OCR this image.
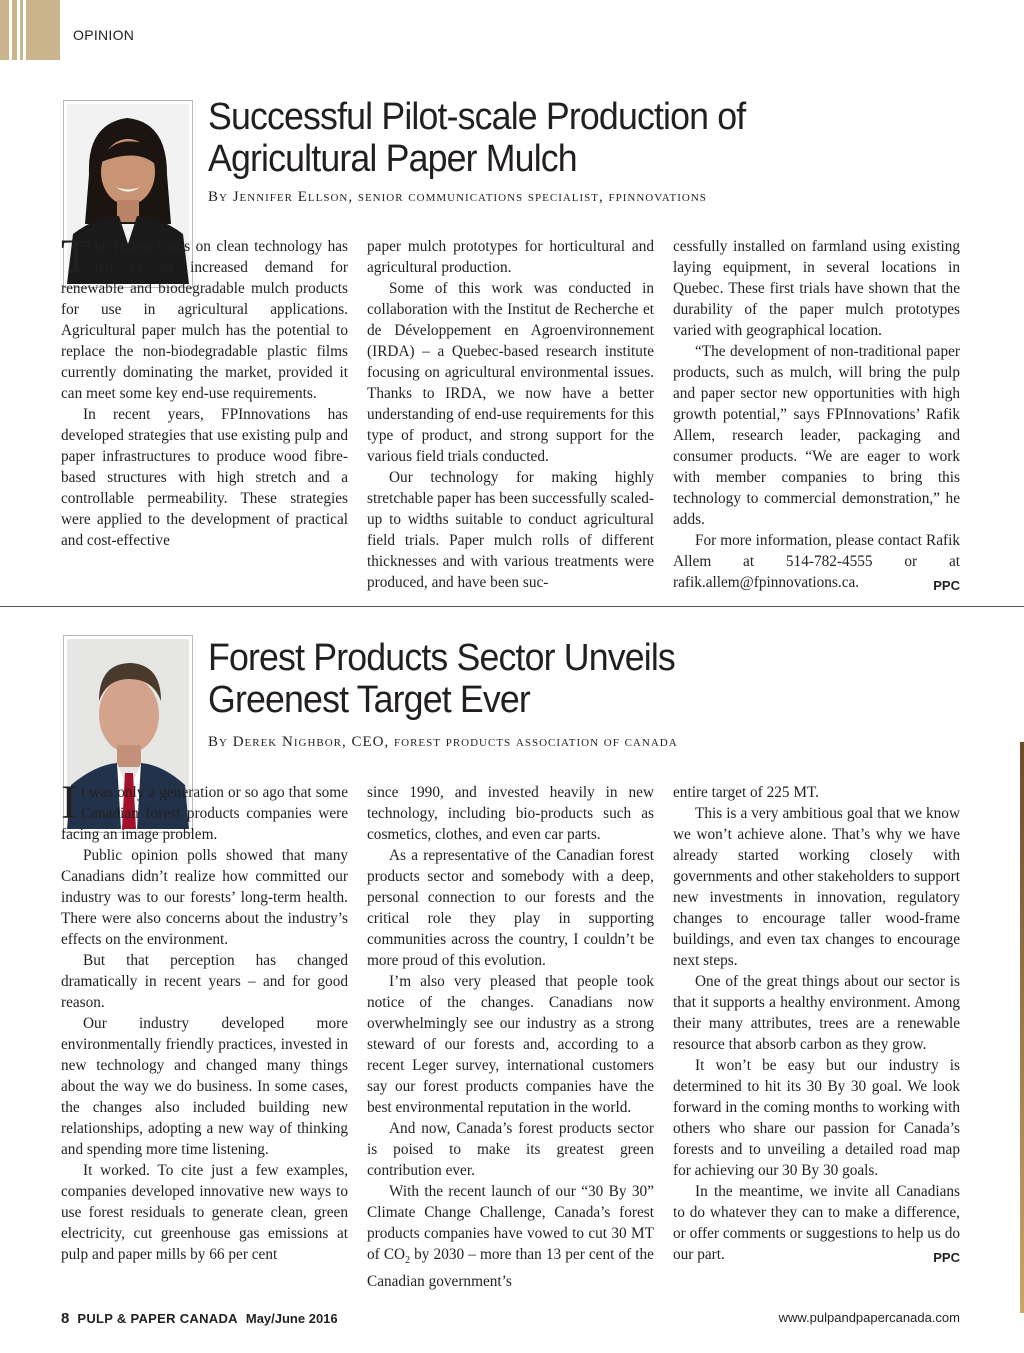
OPINION
Successful Pilot-scale Production of
Agricultural Paper Mulch
By Jennifer Ellson, senior communications specialist, fpinnovations

The recent focus on clean technology has led to an increased demand for renewable and biodegradable mulch products for use in agricultural applications. Agricultural paper mulch has the potential to replace the non-biodegradable plastic films currently dominating the market, provided it can meet some key end-use requirements.

In recent years, FPInnovations has developed strategies that use existing pulp and paper infrastructures to produce wood fibre-based structures with high stretch and a controllable permeability. These strategies were applied to the development of practical and cost-effective

paper mulch prototypes for horticultural and agricultural production.

Some of this work was conducted in collaboration with the Institut de Recherche et de Développement en Agroenvironnement (IRDA) – a Quebec-based research institute focusing on agricultural environmental issues. Thanks to IRDA, we now have a better understanding of end-use requirements for this type of product, and strong support for the various field trials conducted.

Our technology for making highly stretchable paper has been successfully scaled-up to widths suitable to conduct agricultural field trials. Paper mulch rolls of different thicknesses and with various treatments were produced, and have been suc-

cessfully installed on farmland using existing laying equipment, in several locations in Quebec. These first trials have shown that the durability of the paper mulch prototypes varied with geographical location.

“The development of non-traditional paper products, such as mulch, will bring the pulp and paper sector new opportunities with high growth potential,” says FPInnovations’ Rafik Allem, research leader, packaging and consumer products. “We are eager to work with member companies to bring this technology to commercial demonstration,” he adds.

For more information, please contact Rafik Allem at 514-782-4555 or at rafik.allem@fpinnovations.ca.	PPC

Forest Products Sector Unveils
Greenest Target Ever
By Derek Nighbor, CEO, forest products association of canada

It was only a generation or so ago that some Canadian forest products companies were facing an image problem.

Public opinion polls showed that many Canadians didn’t realize how committed our industry was to our forests’ long-term health. There were also concerns about the industry’s effects on the environment.

But that perception has changed dramatically in recent years – and for good reason.

Our industry developed more environmentally friendly practices, invested in new technology and changed many things about the way we do business. In some cases, the changes also included building new relationships, adopting a new way of thinking and spending more time listening.

It worked. To cite just a few examples, companies developed innovative new ways to use forest residuals to generate clean, green electricity, cut greenhouse gas emissions at pulp and paper mills by 66 per cent

since 1990, and invested heavily in new technology, including bio-products such as cosmetics, clothes, and even car parts.

As a representative of the Canadian forest products sector and somebody with a deep, personal connection to our forests and the critical role they play in supporting communities across the country, I couldn’t be more proud of this evolution.

I’m also very pleased that people took notice of the changes. Canadians now overwhelmingly see our industry as a strong steward of our forests and, according to a recent Leger survey, international customers say our forest products companies have the best environmental reputation in the world.

And now, Canada’s forest products sector is poised to make its greatest green contribution ever.

With the recent launch of our “30 By 30” Climate Change Challenge, Canada’s forest products companies have vowed to cut 30 MT of $CO_2$ by 2030 – more than 13 per cent of the Canadian government’s

entire target of 225 MT.

This is a very ambitious goal that we know we won’t achieve alone. That’s why we have already started working closely with governments and other stakeholders to support new investments in innovation, regulatory changes to encourage taller wood-frame buildings, and even tax changes to encourage next steps.

One of the great things about our sector is that it supports a healthy environment. Among their many attributes, trees are a renewable resource that absorb carbon as they grow.

It won’t be easy but our industry is determined to hit its 30 By 30 goal. We look forward in the coming months to working with others who share our passion for Canada’s forests and to unveiling a detailed road map for achieving our 30 By 30 goals.

In the meantime, we invite all Canadians to do whatever they can to make a difference, or offer comments or suggestions to help us do our part.	PPC

8 PULP & PAPER CANADA May/June 2016	www.pulpandpapercanada.com
